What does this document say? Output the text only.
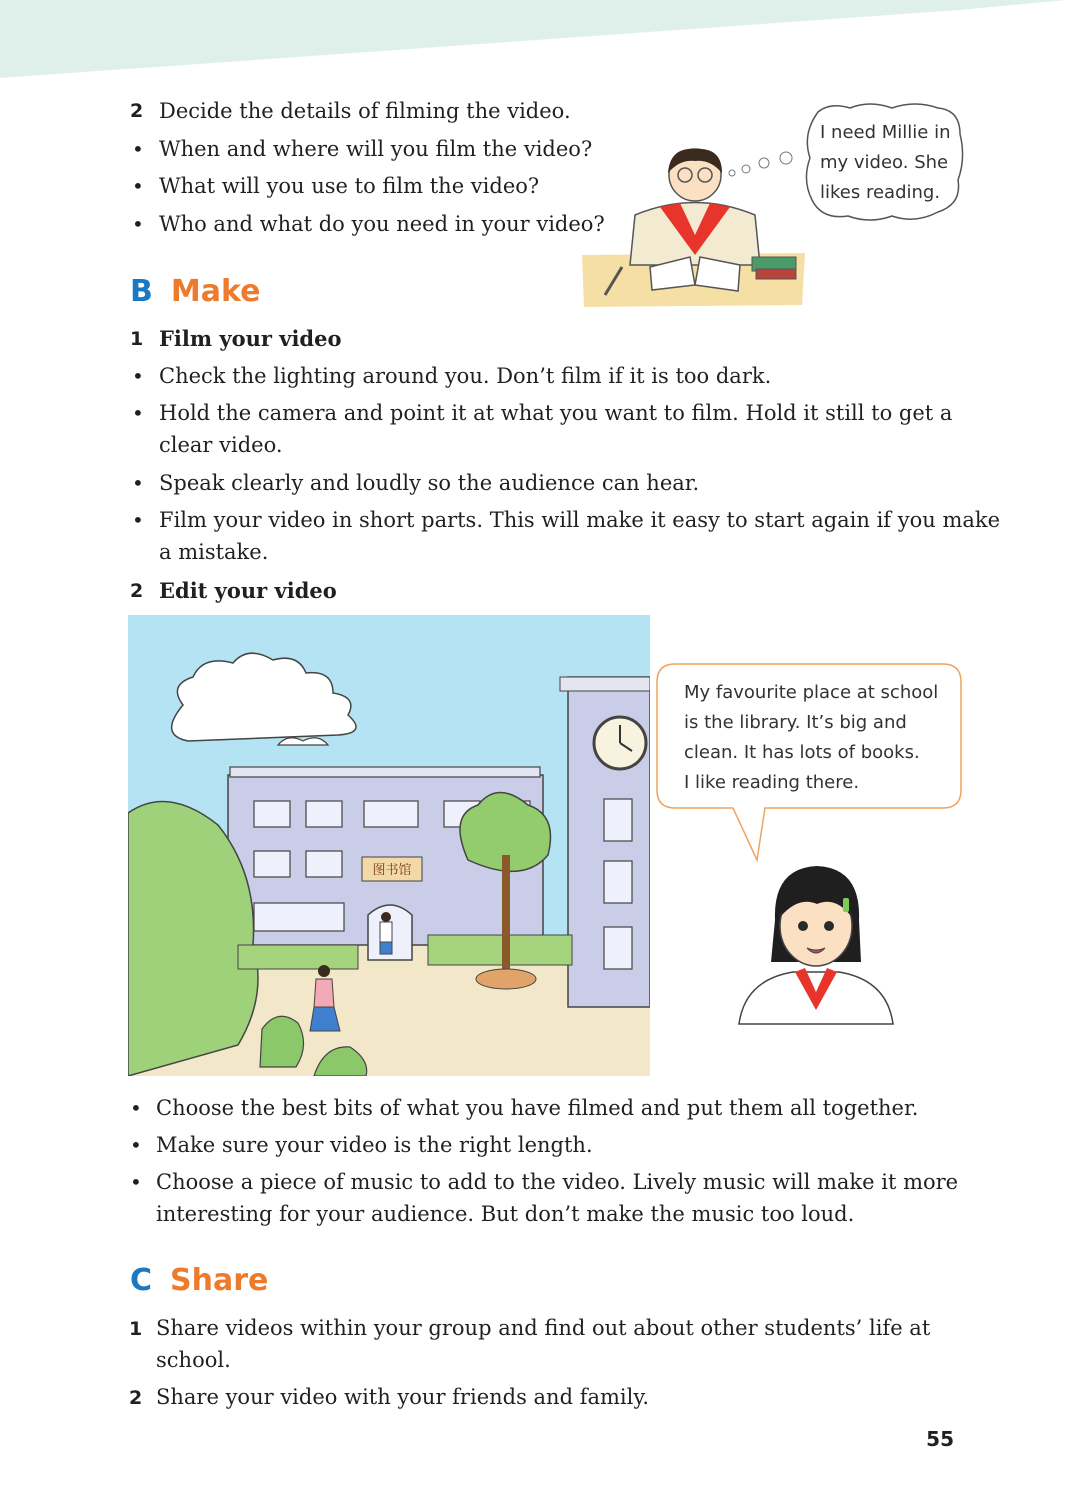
2 Decide the details of filming the video.
• When and where will you film the video?
• What will you use to film the video?
• Who and what do you need in your video?
I need Millie in
my video. She
likes reading.
B Make
1 Film your video
• Check the lighting around you. Don’t film if it is too dark.
• Hold the camera and point it at what you want to film. Hold it still to get a
clear video.
• Speak clearly and loudly so the audience can hear.
• Film your video in short parts. This will make it easy to start again if you make
a mistake.
2 Edit your video
图书馆
My favourite place at school
is the library. It’s big and
clean. It has lots of books.
I like reading there.
• Choose the best bits of what you have filmed and put them all together.
• Make sure your video is the right length.
• Choose a piece of music to add to the video. Lively music will make it more
interesting for your audience. But don’t make the music too loud.
C Share
1 Share videos within your group and find out about other students’ life at
school.
2 Share your video with your friends and family.
55
